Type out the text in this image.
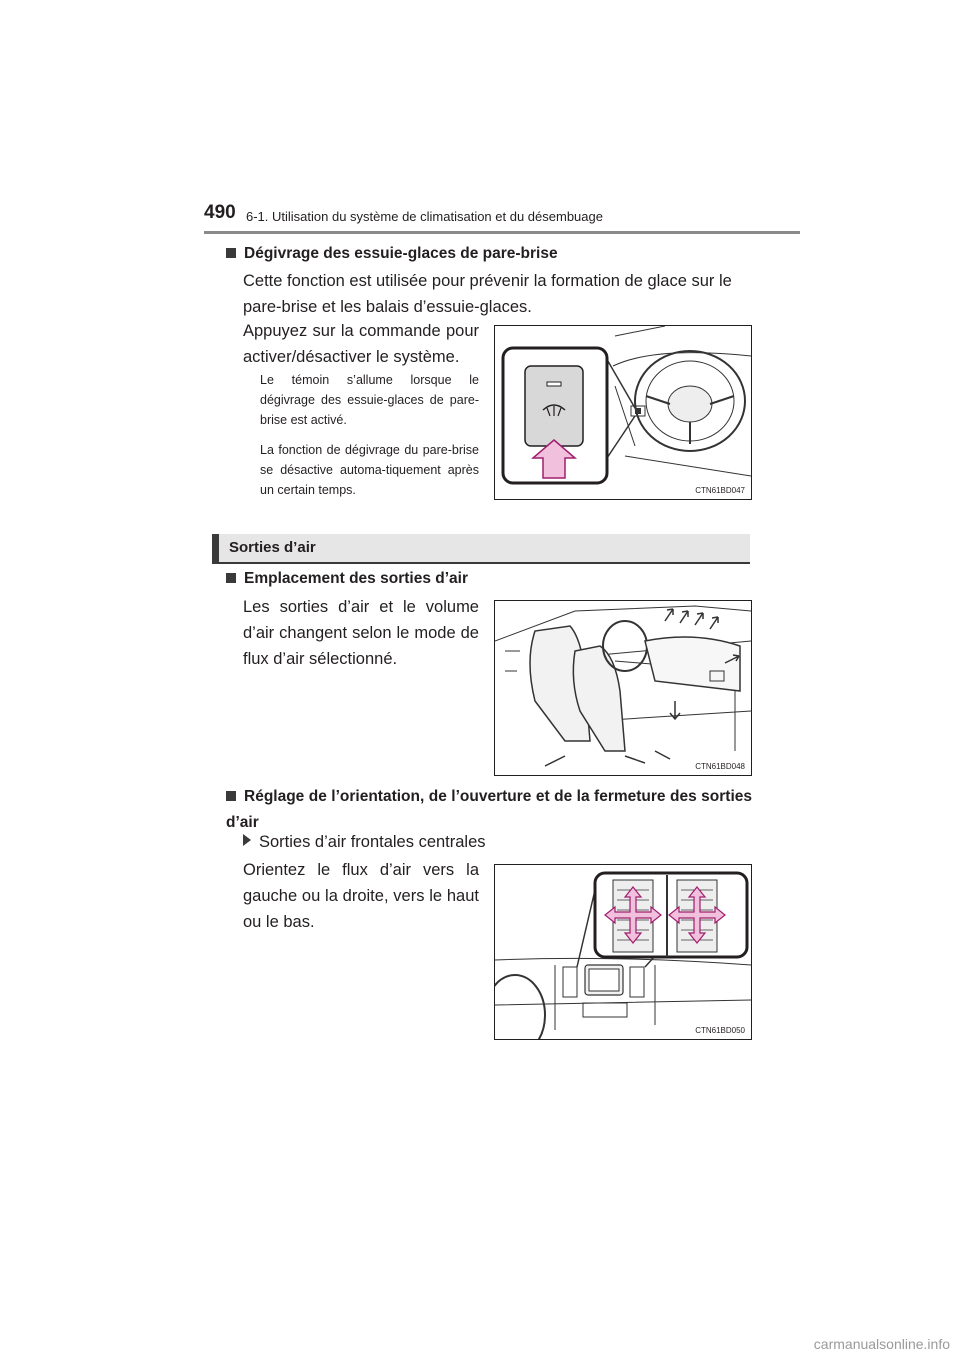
490 6-1. Utilisation du système de climatisation et du désembuage
Dégivrage des essuie-glaces de pare-brise
Cette fonction est utilisée pour prévenir la formation de glace sur le pare-brise et les balais d’essuie-glaces.
Appuyez sur la commande pour activer/désactiver le système.
Le témoin s’allume lorsque le dégivrage des essuie-glaces de pare-brise est activé.
La fonction de dégivrage du pare-brise se désactive automa-tiquement après un certain temps.	CTN61BD047
Sorties d’air
Emplacement des sorties d’air
Les sorties d’air et le volume d’air changent selon le mode de flux d’air sélectionné.
CTN61BD048
Réglage de l’orientation, de l’ouverture et de la fermeture des sorties d’air
Sorties d’air frontales centrales
Orientez le flux d’air vers la gauche ou la droite, vers le haut ou le bas.
CTN61BD050
carmanualsonline.info
